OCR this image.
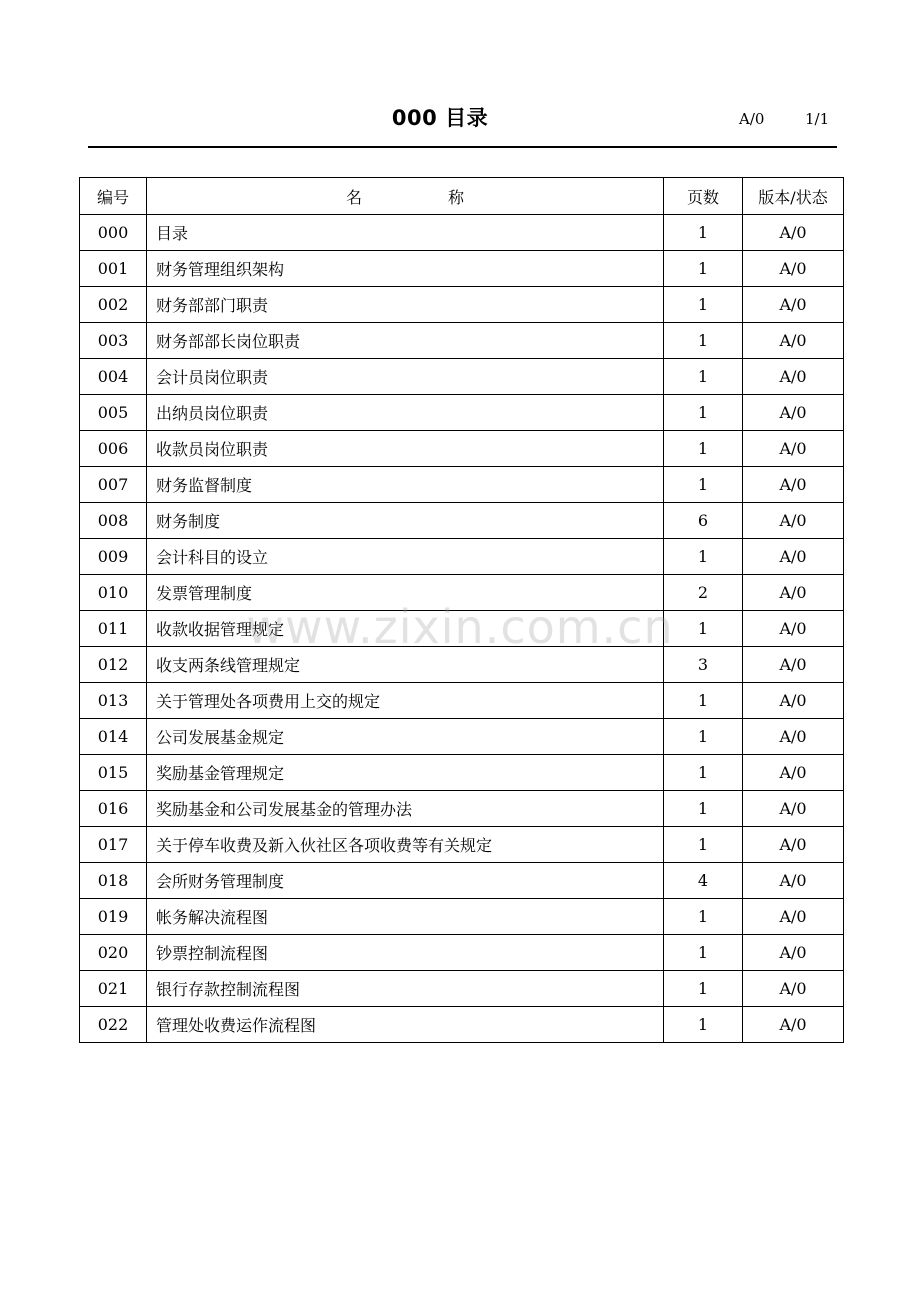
000 目录	A/0	1/1
编号	名 称	页数	版本/状态
000	目录	1	A/0
001	财务管理组织架构	1	A/0
002	财务部部门职责	1	A/0
003	财务部部长岗位职责	1	A/0
004	会计员岗位职责	1	A/0
005	出纳员岗位职责	1	A/0
006	收款员岗位职责	1	A/0
007	财务监督制度	1	A/0
008	财务制度	6	A/0
009	会计科目的设立	1	A/0
010	发票管理制度	2	A/0
011	收款收据管理规定	1	A/0
012	收支两条线管理规定	3	A/0
013	关于管理处各项费用上交的规定	1	A/0
014	公司发展基金规定	1	A/0
015	奖励基金管理规定	1	A/0
016	奖励基金和公司发展基金的管理办法	1	A/0
017	关于停车收费及新入伙社区各项收费等有关规定	1	A/0
018	会所财务管理制度	4	A/0
019	帐务解决流程图	1	A/0
020	钞票控制流程图	1	A/0
021	银行存款控制流程图	1	A/0
022	管理处收费运作流程图	1	A/0
www.zixin.com.cn
